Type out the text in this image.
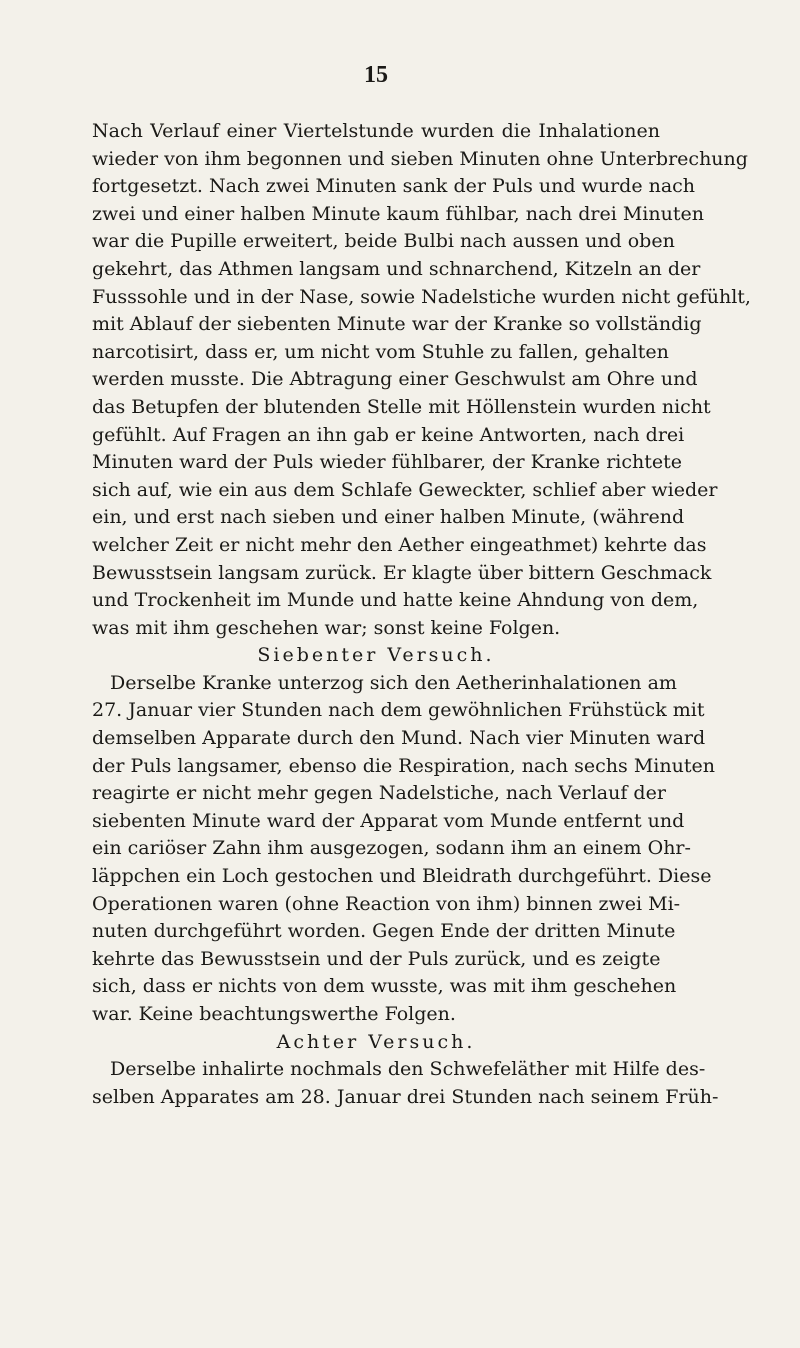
15
Nach Verlauf einer Viertelstunde wurden die Inhalationen
wieder von ihm begonnen und sieben Minuten ohne Unterbrechung
fortgesetzt. Nach zwei Minuten sank der Puls und wurde nach
zwei und einer halben Minute kaum fühlbar, nach drei Minuten
war die Pupille erweitert, beide Bulbi nach aussen und oben
gekehrt, das Athmen langsam und schnarchend, Kitzeln an der
Fusssohle und in der Nase, sowie Nadelstiche wurden nicht gefühlt,
mit Ablauf der siebenten Minute war der Kranke so vollständig
narcotisirt, dass er, um nicht vom Stuhle zu fallen, gehalten
werden musste. Die Abtragung einer Geschwulst am Ohre und
das Betupfen der blutenden Stelle mit Höllenstein wurden nicht
gefühlt. Auf Fragen an ihn gab er keine Antworten, nach drei
Minuten ward der Puls wieder fühlbarer, der Kranke richtete
sich auf, wie ein aus dem Schlafe Geweckter, schlief aber wieder
ein, und erst nach sieben und einer halben Minute, (während
welcher Zeit er nicht mehr den Aether eingeathmet) kehrte das
Bewusstsein langsam zurück. Er klagte über bittern Geschmack
und Trockenheit im Munde und hatte keine Ahndung von dem,
was mit ihm geschehen war; sonst keine Folgen.
Siebenter Versuch.
Derselbe Kranke unterzog sich den Aetherinhalationen am
27. Januar vier Stunden nach dem gewöhnlichen Frühstück mit
demselben Apparate durch den Mund. Nach vier Minuten ward
der Puls langsamer, ebenso die Respiration, nach sechs Minuten
reagirte er nicht mehr gegen Nadelstiche, nach Verlauf der
siebenten Minute ward der Apparat vom Munde entfernt und
ein cariöser Zahn ihm ausgezogen, sodann ihm an einem Ohr-
läppchen ein Loch gestochen und Bleidrath durchgeführt. Diese
Operationen waren (ohne Reaction von ihm) binnen zwei Mi-
nuten durchgeführt worden. Gegen Ende der dritten Minute
kehrte das Bewusstsein und der Puls zurück, und es zeigte
sich, dass er nichts von dem wusste, was mit ihm geschehen
war. Keine beachtungswerthe Folgen.
Achter Versuch.
Derselbe inhalirte nochmals den Schwefeläther mit Hilfe des-
selben Apparates am 28. Januar drei Stunden nach seinem Früh-
